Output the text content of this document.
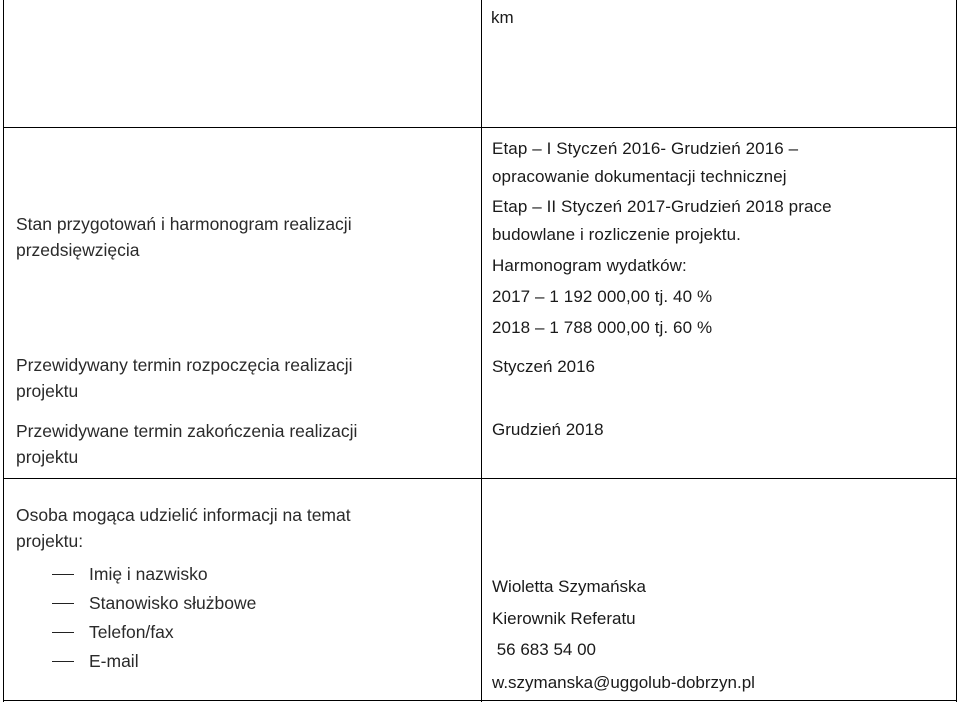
km
Stan przygotowań i harmonogram realizacji
przedsięwzięcia
Etap – I Styczeń 2016- Grudzień 2016 –
opracowanie dokumentacji technicznej
Etap – II Styczeń 2017-Grudzień 2018 prace
budowlane i rozliczenie projektu.
Harmonogram wydatków:
2017 – 1 192 000,00 tj. 40 %
2018 – 1 788 000,00 tj. 60 %
Przewidywany termin rozpoczęcia realizacji
projektu
Styczeń 2016
Przewidywane termin zakończenia realizacji
projektu
Grudzień 2018
Osoba mogąca udzielić informacji na temat
projektu:
Imię i nazwisko
Stanowisko służbowe
Telefon/fax
E-mail
Wioletta Szymańska
Kierownik Referatu
56 683 54 00
w.szymanska@uggolub-dobrzyn.pl
